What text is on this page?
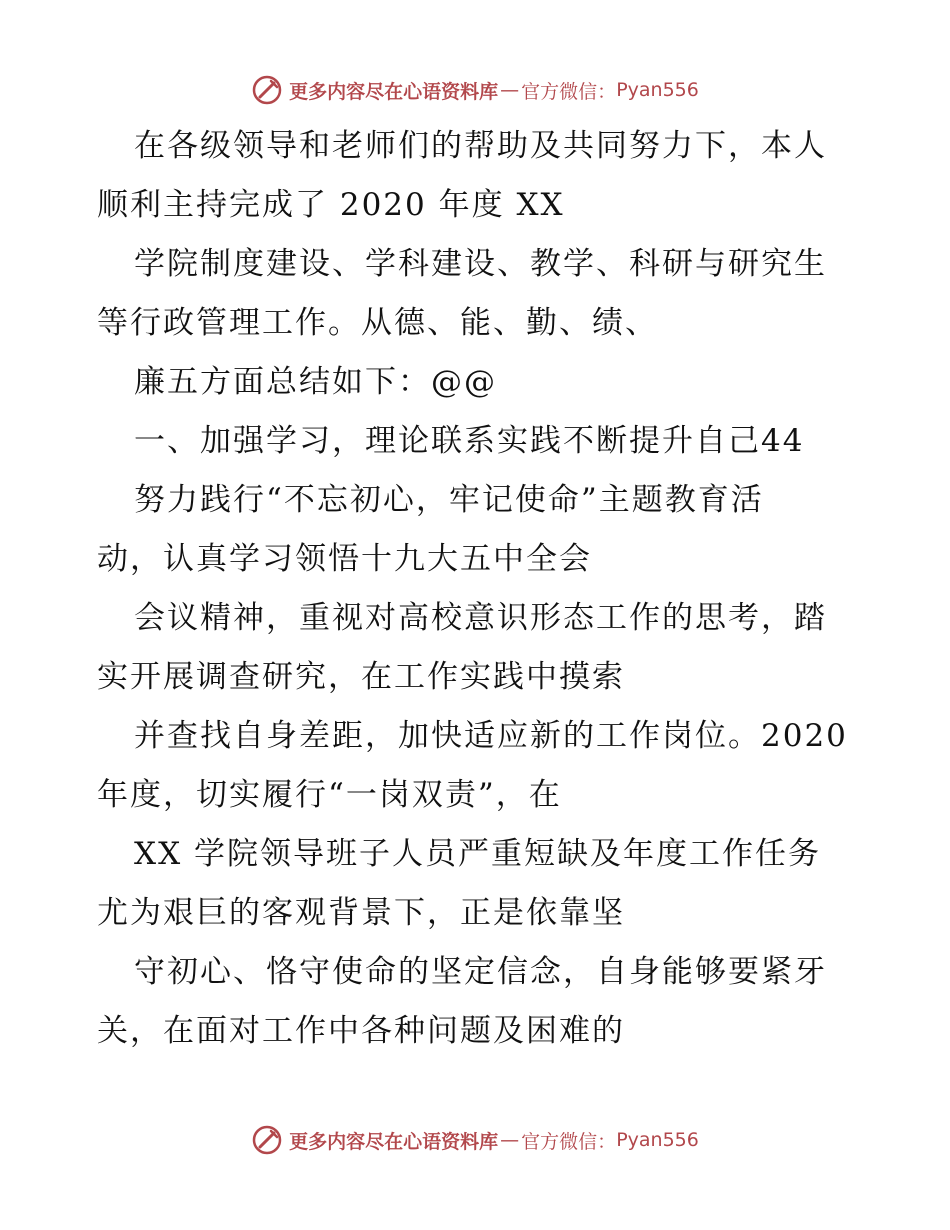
更多内容尽在心语资料库 — 官方微信： Pyan556
在各级领导和老师们的帮助及共同努力下，本人
顺利主持完成了 2020 年度 XX
学院制度建设、学科建设、教学、科研与研究生
等行政管理工作。从德、能、勤、绩、
廉五方面总结如下：@@
一、加强学习，理论联系实践不断提升自己44
努力践行“不忘初心，牢记使命”主题教育活
动，认真学习领悟十九大五中全会
会议精神，重视对高校意识形态工作的思考，踏
实开展调查研究，在工作实践中摸索
并查找自身差距，加快适应新的工作岗位。2020
年度，切实履行“一岗双责”，在
XX 学院领导班子人员严重短缺及年度工作任务
尤为艰巨的客观背景下，正是依靠坚
守初心、恪守使命的坚定信念，自身能够要紧牙
关，在面对工作中各种问题及困难的
更多内容尽在心语资料库 — 官方微信： Pyan556
